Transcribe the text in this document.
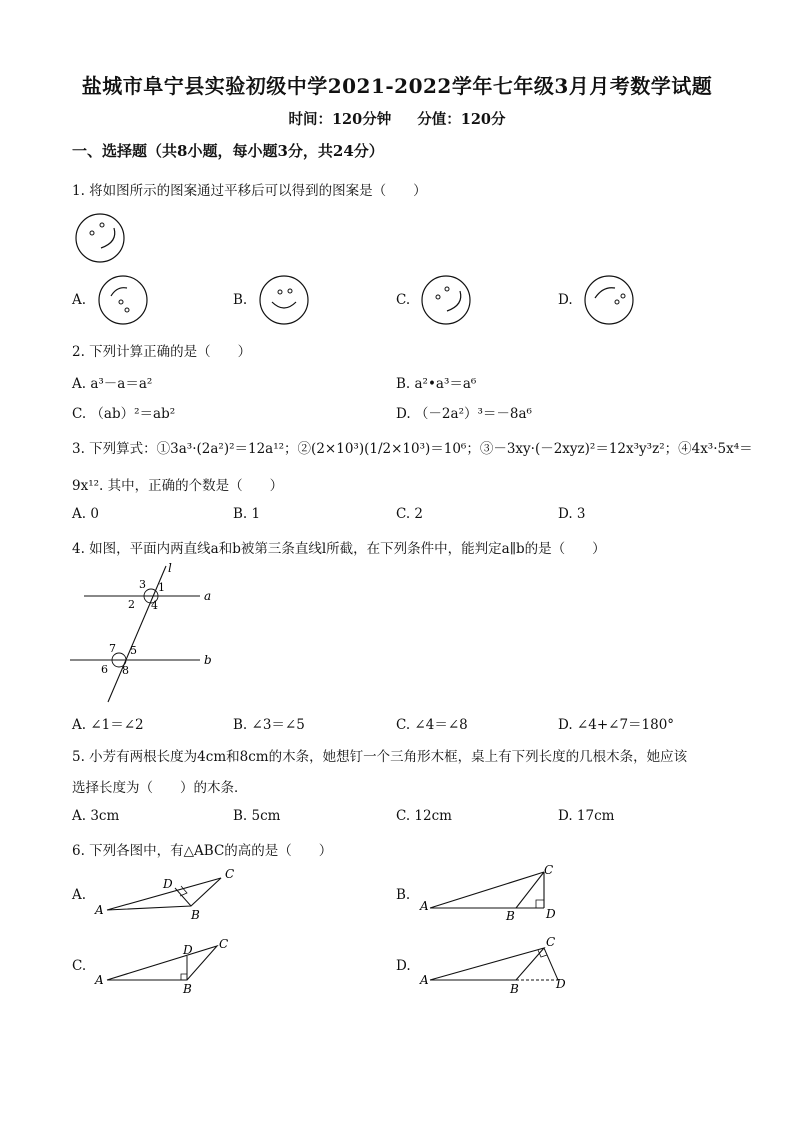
盐城市阜宁县实验初级中学2021-2022学年七年级3月月考数学试题
时间：120分钟 分值：120分
一、选择题（共8小题，每小题3分，共24分）
1. 将如图所示的图案通过平移后可以得到的图案是（　　）
A.	B.	C.	D.
2. 下列计算正确的是（　　）
A. a³－a＝a²	B. a²•a³＝a⁶
C. （ab）²＝ab²	D. （－2a²）³＝－8a⁶
3. 下列算式：①3a³·(2a²)²＝12a¹²；②(2×10³)(1/2×10³)＝10⁶；③－3xy·(－2xyz)²＝12x³y³z²；④4x³·5x⁴＝
9x¹². 其中，正确的个数是（　　）
A. 0	B. 1	C. 2	D. 3
4. 如图，平面内两直线a和b被第三条直线l所截，在下列条件中，能判定a∥b的是（　　）
l
a
b
3 1
2 4
7 5
6 8
A. ∠1＝∠2	B. ∠3＝∠5	C. ∠4＝∠8	D. ∠4+∠7＝180°
5. 小芳有两根长度为4cm和8cm的木条，她想钉一个三角形木框，桌上有下列长度的几根木条，她应该
选择长度为（　　）的木条．
A. 3cm	B. 5cm	C. 12cm	D. 17cm
6. 下列各图中，有△ABC的高的是（　　）
A.
A
C
D
B
B.
A
C
B	D
C.
A
C
D
B
D.
A
C
B	D
